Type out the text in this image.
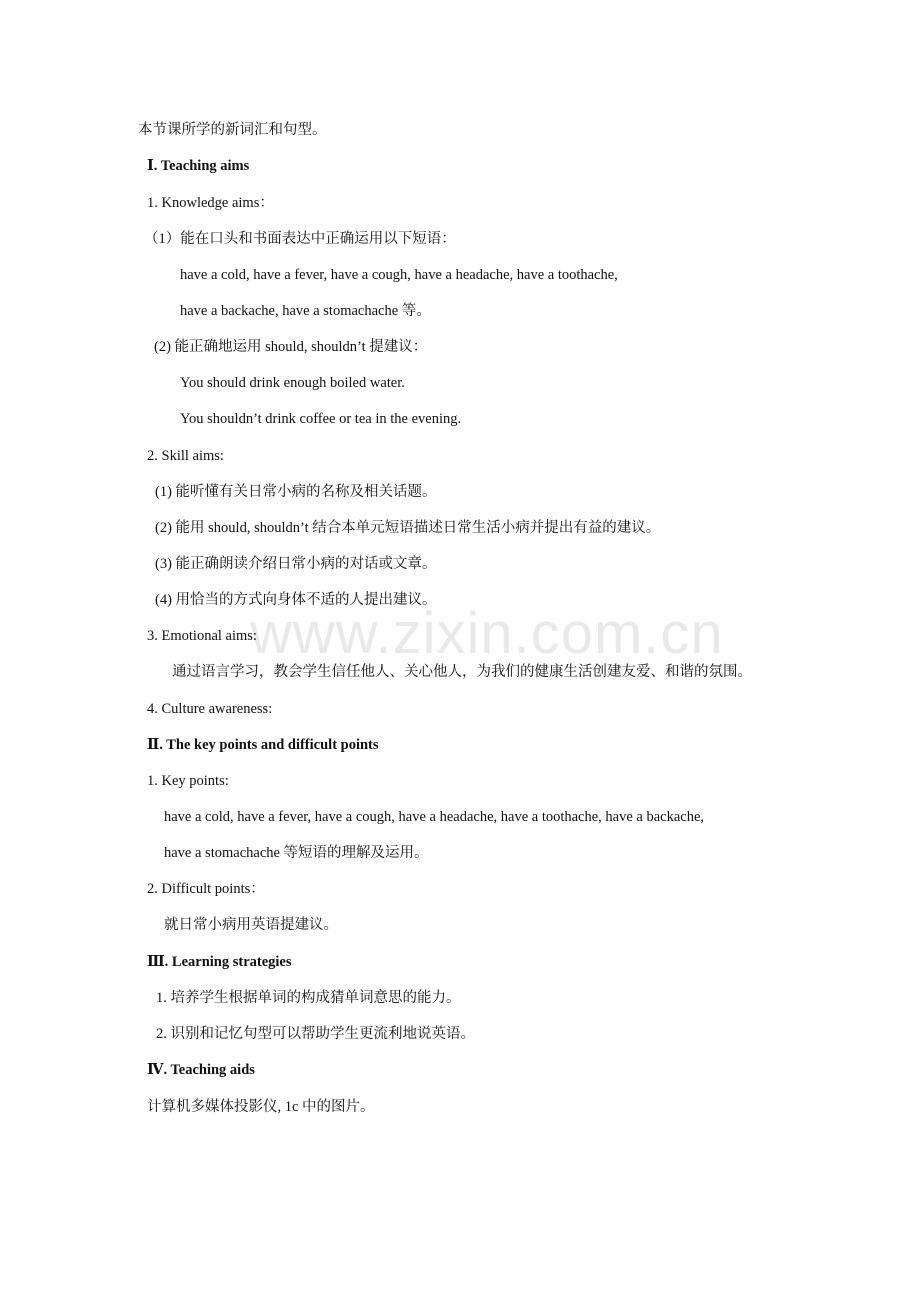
www.zixin.com.cn
本节课所学的新词汇和句型。
Ⅰ. Teaching aims
1. Knowledge aims：
（1）能在口头和书面表达中正确运用以下短语：
have a cold, have a fever, have a cough, have a headache, have a toothache,
have a backache, have a stomachache 等。
(2) 能正确地运用 should, shouldn’t 提建议：
You should drink enough boiled water.
You shouldn’t drink coffee or tea in the evening.
2. Skill aims:
(1) 能听懂有关日常小病的名称及相关话题。
(2) 能用 should, shouldn’t 结合本单元短语描述日常生活小病并提出有益的建议。
(3) 能正确朗读介绍日常小病的对话或文章。
(4) 用恰当的方式向身体不适的人提出建议。
3. Emotional aims:
通过语言学习，教会学生信任他人、关心他人，为我们的健康生活创建友爱、和谐的氛围。
4. Culture awareness:
Ⅱ. The key points and difficult points
1. Key points:
have a cold, have a fever, have a cough, have a headache, have a toothache, have a backache,
have a stomachache 等短语的理解及运用。
2. Difficult points：
就日常小病用英语提建议。
Ⅲ. Learning strategies
1. 培养学生根据单词的构成猜单词意思的能力。
2. 识别和记忆句型可以帮助学生更流利地说英语。
Ⅳ. Teaching aids
计算机多媒体投影仪, 1c 中的图片。
